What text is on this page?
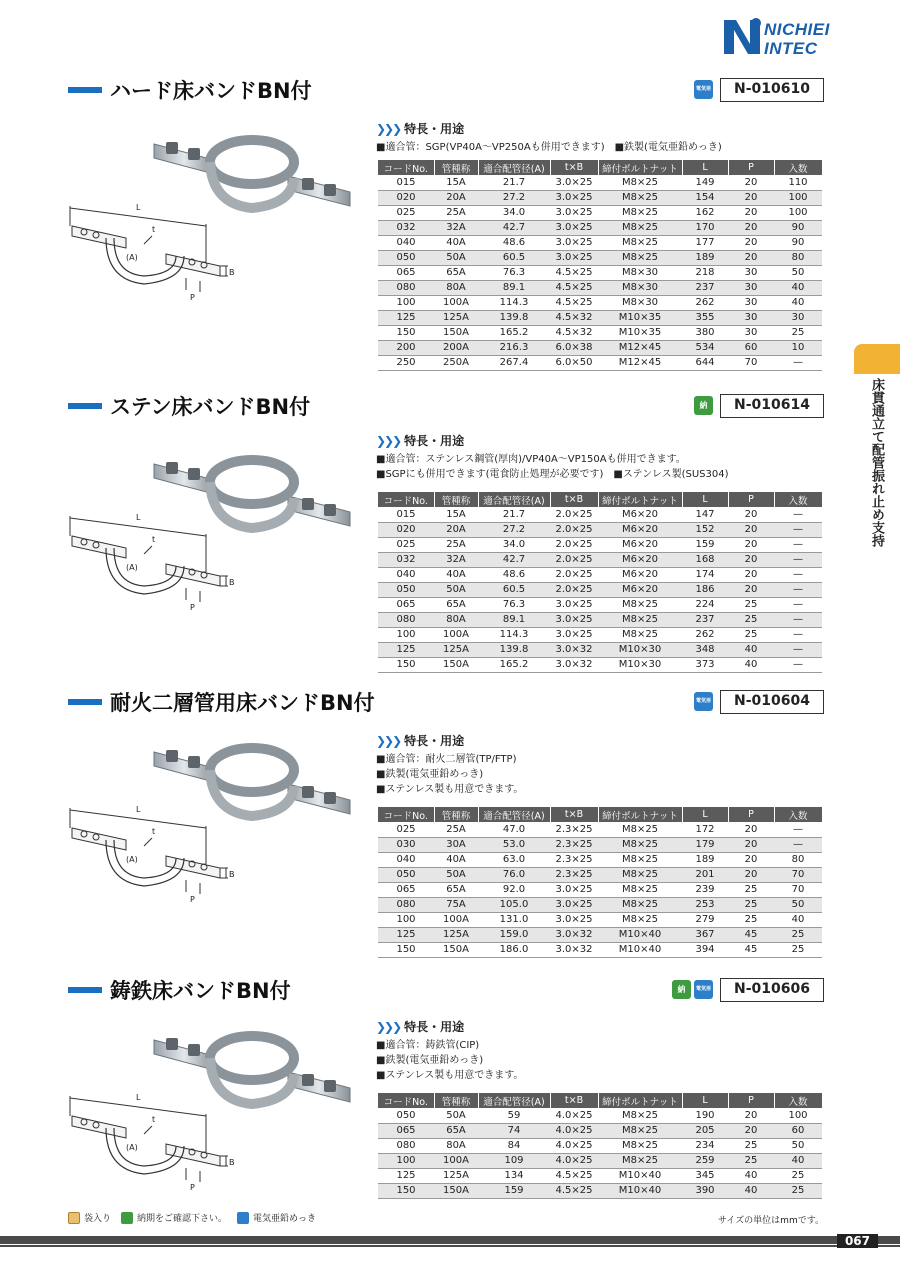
NICHIEI
INTEC
床貫通立て配管振れ止め支持
ハード床バンドBN付	電気亜鉛
N-010610
L
t
(A)
P
B
❯❯❯ 特長・用途
■適合管：SGP(VP40A～VP250Aも併用できます)　■鉄製(電気亜鉛めっき)
コードNo.	管種称	適合配管径(A)	t×B	締付ボルトナット	L	P	入数
015	15A	21.7	3.0×25	M8×25	149	20	110
020	20A	27.2	3.0×25	M8×25	154	20	100
025	25A	34.0	3.0×25	M8×25	162	20	100
032	32A	42.7	3.0×25	M8×25	170	20	90
040	40A	48.6	3.0×25	M8×25	177	20	90
050	50A	60.5	3.0×25	M8×25	189	20	80
065	65A	76.3	4.5×25	M8×30	218	30	50
080	80A	89.1	4.5×25	M8×30	237	30	40
100	100A	114.3	4.5×25	M8×30	262	30	40
125	125A	139.8	4.5×32	M10×35	355	30	30
150	150A	165.2	4.5×32	M10×35	380	30	25
200	200A	216.3	6.0×38	M12×45	534	60	10
250	250A	267.4	6.0×50	M12×45	644	70	—
ステン床バンドBN付	納	N-010614
L
t
(A)
P
B
❯❯❯ 特長・用途
■適合管：ステンレス鋼管(厚肉)/VP40A～VP150Aも併用できます。
■SGPにも併用できます(電食防止処理が必要です)　■ステンレス製(SUS304)
コードNo.	管種称	適合配管径(A)	t×B	締付ボルトナット	L	P	入数
015	15A	21.7	2.0×25	M6×20	147	20	—
020	20A	27.2	2.0×25	M6×20	152	20	—
025	25A	34.0	2.0×25	M6×20	159	20	—
032	32A	42.7	2.0×25	M6×20	168	20	—
040	40A	48.6	2.0×25	M6×20	174	20	—
050	50A	60.5	2.0×25	M6×20	186	20	—
065	65A	76.3	3.0×25	M8×25	224	25	—
080	80A	89.1	3.0×25	M8×25	237	25	—
100	100A	114.3	3.0×25	M8×25	262	25	—
125	125A	139.8	3.0×32	M10×30	348	40	—
150	150A	165.2	3.0×32	M10×30	373	40	—
耐火二層管用床バンドBN付	電気亜鉛
N-010604
L
t
(A)
P
B
❯❯❯ 特長・用途
■適合管：耐火二層管(TP/FTP)
■鉄製(電気亜鉛めっき)
■ステンレス製も用意できます。
コードNo.	管種称	適合配管径(A)	t×B	締付ボルトナット	L	P	入数
025	25A	47.0	2.3×25	M8×25	172	20	—
030	30A	53.0	2.3×25	M8×25	179	20	—
040	40A	63.0	2.3×25	M8×25	189	20	80
050	50A	76.0	2.3×25	M8×25	201	20	70
065	65A	92.0	3.0×25	M8×25	239	25	70
080	75A	105.0	3.0×25	M8×25	253	25	50
100	100A	131.0	3.0×25	M8×25	279	25	40
125	125A	159.0	3.0×32	M10×40	367	45	25
150	150A	186.0	3.0×32	M10×40	394	45	25
鋳鉄床バンドBN付	納	電気亜鉛
N-010606
L
t
(A)
P
B
❯❯❯ 特長・用途
■適合管：鋳鉄管(CIP)
■鉄製(電気亜鉛めっき)
■ステンレス製も用意できます。
コードNo.	管種称	適合配管径(A)	t×B	締付ボルトナット	L	P	入数
050	50A	59	4.0×25	M8×25	190	20	100
065	65A	74	4.0×25	M8×25	205	20	60
080	80A	84	4.0×25	M8×25	234	25	50
100	100A	109	4.0×25	M8×25	259	25	40
125	125A	134	4.5×25	M10×40	345	40	25
150	150A	159	4.5×25	M10×40	390	40	25
袋入り	納期をご確認下さい。	電気亜鉛めっき	サイズの単位はmmです。
067
